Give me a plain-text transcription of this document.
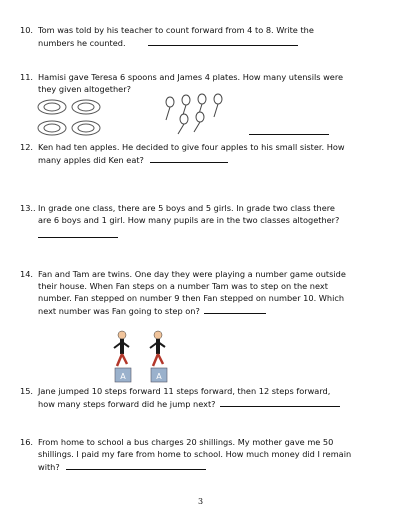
10. Tom was told by his teacher to count forward from 4 to 8. Write the
numbers he counted.
11. Hamisi gave Teresa 6 spoons and James 4 plates. How many utensils were
they given altogether?
12. Ken had ten apples. He decided to give four apples to his small sister. How
many apples did Ken eat?
13.. In grade one class, there are 5 boys and 5 girls. In grade two class there
are 6 boys and 1 girl. How many pupils are in the two classes altogether?
14. Fan and Tam are twins. One day they were playing a number game outside
their house. When Fan steps on a number Tam was to step on the next
number. Fan stepped on number 9 then Fan stepped on number 10. Which
next number was Fan going to step on?
A	A
15. Jane jumped 10 steps forward 11 steps forward, then 12 steps forward,
how many steps forward did he jump next?
16. From home to school a bus charges 20 shillings. My mother gave me 50
shillings. I paid my fare from home to school. How much money did I remain
with?
3
